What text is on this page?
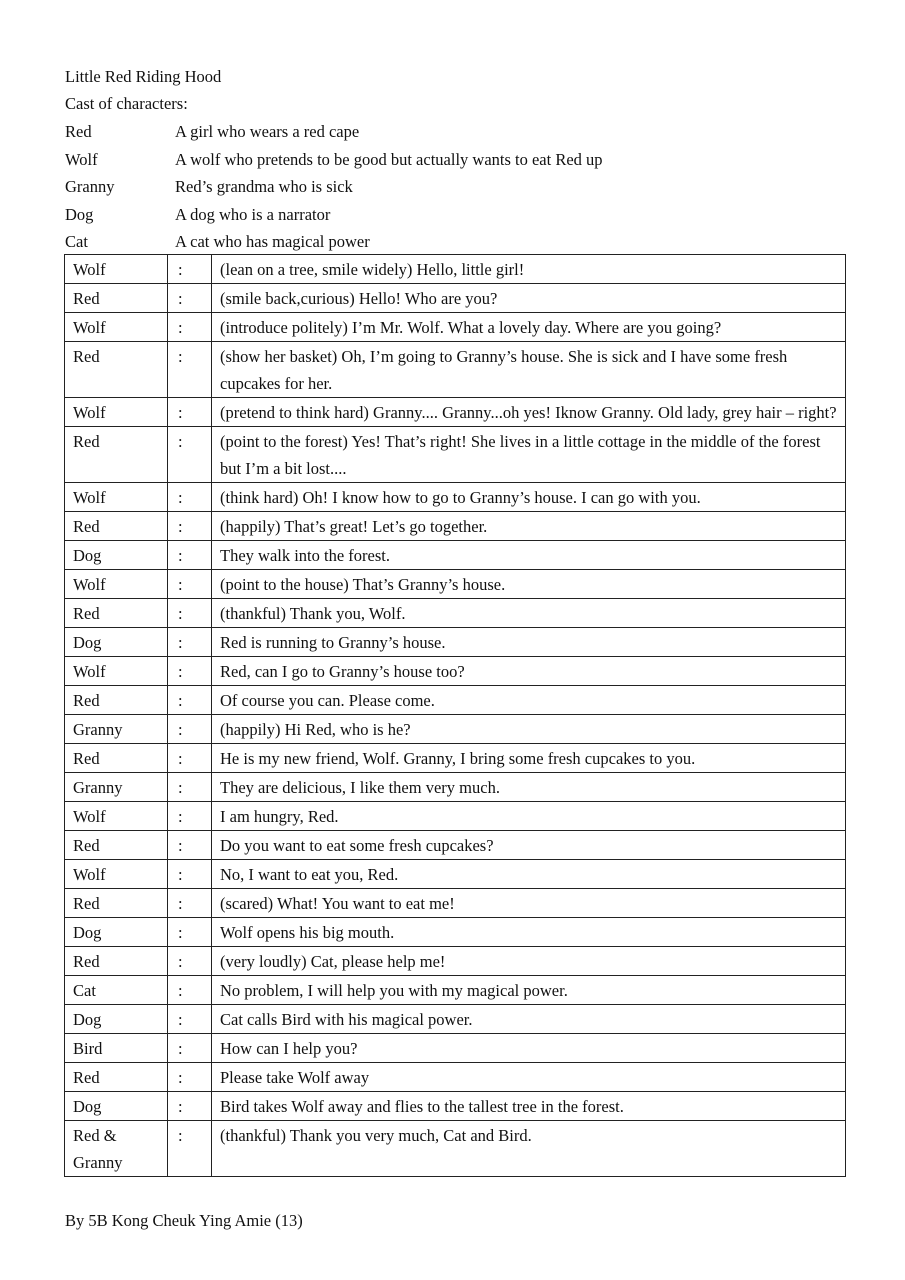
Little Red Riding Hood
Cast of characters:
Red	A girl who wears a red cape
Wolf	A wolf who pretends to be good but actually wants to eat Red up
Granny	Red’s grandma who is sick
Dog	A dog who is a narrator
Cat	A cat who has magical power
Wolf	:	(lean on a tree, smile widely) Hello, little girl!
Red	:	(smile back,curious) Hello! Who are you?
Wolf	:	(introduce politely) I’m Mr. Wolf. What a lovely day. Where are you going?
Red	:	(show her basket) Oh, I’m going to Granny’s house. She is sick and I have some fresh cupcakes for her.
Wolf	:	(pretend to think hard) Granny.... Granny...oh yes! Iknow Granny. Old lady, grey hair – right?
Red	:	(point to the forest) Yes! That’s right! She lives in a little cottage in the middle of the forest but I’m a bit lost....
Wolf	:	(think hard) Oh! I know how to go to Granny’s house. I can go with you.
Red	:	(happily) That’s great! Let’s go together.
Dog	:	They walk into the forest.
Wolf	:	(point to the house) That’s Granny’s house.
Red	:	(thankful) Thank you, Wolf.
Dog	:	Red is running to Granny’s house.
Wolf	:	Red, can I go to Granny’s house too?
Red	:	Of course you can. Please come.
Granny	:	(happily) Hi Red, who is he?
Red	:	He is my new friend, Wolf. Granny, I bring some fresh cupcakes to you.
Granny	:	They are delicious, I like them very much.
Wolf	:	I am hungry, Red.
Red	:	Do you want to eat some fresh cupcakes?
Wolf	:	No, I want to eat you, Red.
Red	:	(scared) What! You want to eat me!
Dog	:	Wolf opens his big mouth.
Red	:	(very loudly) Cat, please help me!
Cat	:	No problem, I will help you with my magical power.
Dog	:	Cat calls Bird with his magical power.
Bird	:	How can I help you?
Red	:	Please take Wolf away
Dog	:	Bird takes Wolf away and flies to the tallest tree in the forest.
Red & Granny	:	(thankful) Thank you very much, Cat and Bird.
By 5B Kong Cheuk Ying Amie (13)
